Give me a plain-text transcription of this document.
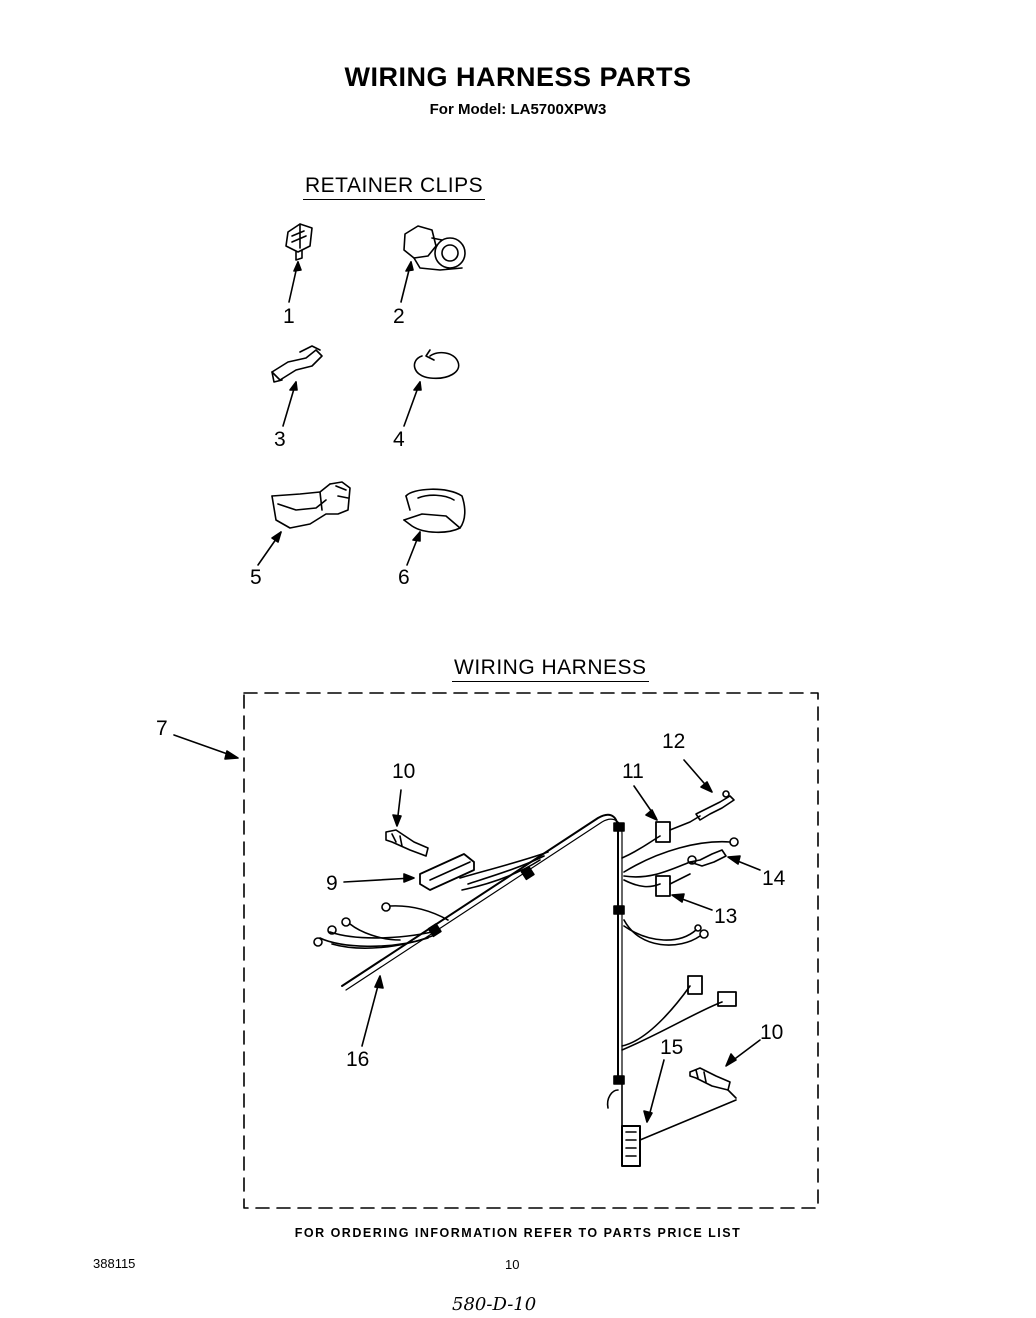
WIRING HARNESS PARTS
For Model: LA5700XPW3
RETAINER CLIPS
WIRING HARNESS
1	2
3	4
5	6
7
10
9
11
12
14
13
16
15
10
FOR ORDERING INFORMATION REFER TO PARTS PRICE LIST
388115	10
580-D-10
